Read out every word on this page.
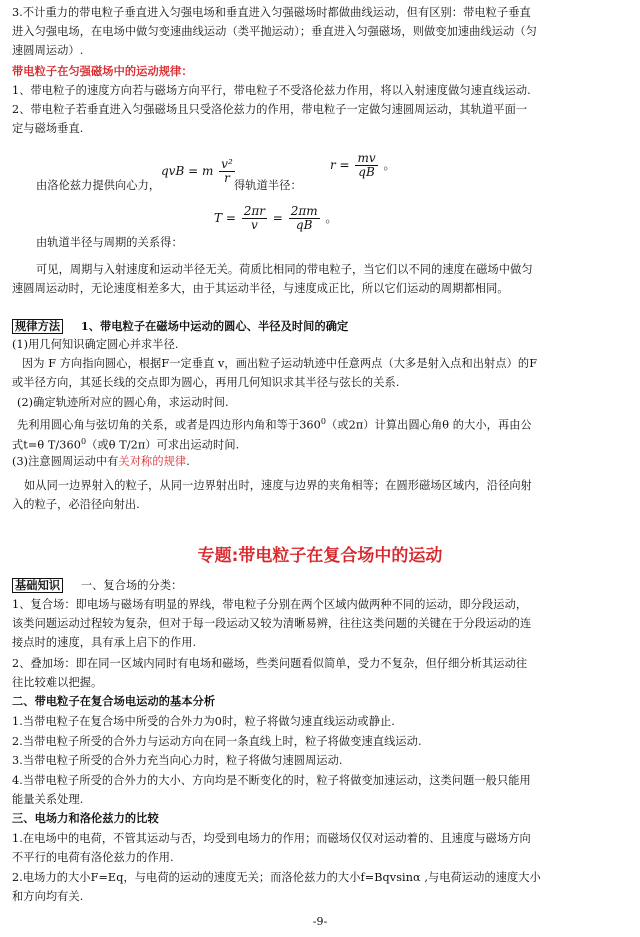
3.不计重力的带电粒子垂直进入匀强电场和垂直进入匀强磁场时都做曲线运动，但有区别：带电粒子垂直
进入匀强电场，在电场中做匀变速曲线运动（类平抛运动）；垂直进入匀强磁场，则做变加速曲线运动（匀
速圆周运动）.
带电粒子在匀强磁场中的运动规律：
1、带电粒子的速度方向若与磁场方向平行，带电粒子不受洛伦兹力作用，将以入射速度做匀速直线运动.
2、带电粒子若垂直进入匀强磁场且只受洛伦兹力的作用，带电粒子一定做匀速圆周运动，其轨道平面一
定与磁场垂直.
由洛伦兹力提供向心力，
qvB = m $\frac{\text{v²}}{r}$
得轨道半径：
$r = \frac{mv}{qB}$ 。
$T = \frac{2\pi r}{v} = \frac{2\pi m}{qB}$ 。
由轨道半径与周期的关系得：
可见，周期与入射速度和运动半径无关。荷质比相同的带电粒子，当它们以不同的速度在磁场中做匀
速圆周运动时，无论速度相差多大，由于其运动半径，与速度成正比，所以它们运动的周期都相同。
规律方法 1、带电粒子在磁场中运动的圆心、半径及时间的确定
(1)用几何知识确定圆心并求半径.
因为 F 方向指向圆心，根据F一定垂直 v，画出粒子运动轨迹中任意两点（大多是射入点和出射点）的F
或半径方向，其延长线的交点即为圆心，再用几何知识求其半径与弦长的关系.
(2)确定轨迹所对应的圆心角，求运动时间.
先利用圆心角与弦切角的关系，或者是四边形内角和等于$360^0$（或2π）计算出圆心角θ 的大小，再由公
式t=θ $T/360^0$（或θ T/2π）可求出运动时间.
(3)注意圆周运动中有关对称的规律.
如从同一边界射入的粒子，从同一边界射出时，速度与边界的夹角相等；在圆形磁场区域内，沿径向射
入的粒子，必沿径向射出.
专题:带电粒子在复合场中的运动
基础知识 一、复合场的分类：
1、复合场：即电场与磁场有明显的界线，带电粒子分别在两个区域内做两种不同的运动，即分段运动，
该类问题运动过程较为复杂，但对于每一段运动又较为清晰易辨，往往这类问题的关键在于分段运动的连
接点时的速度，具有承上启下的作用.
2、叠加场：即在同一区域内同时有电场和磁场，些类问题看似简单，受力不复杂，但仔细分析其运动往
往比较难以把握。
二、带电粒子在复合场电运动的基本分析
1.当带电粒子在复合场中所受的合外力为0时，粒子将做匀速直线运动或静止.
2.当带电粒子所受的合外力与运动方向在同一条直线上时，粒子将做变速直线运动.
3.当带电粒子所受的合外力充当向心力时，粒子将做匀速圆周运动.
4.当带电粒子所受的合外力的大小、方向均是不断变化的时，粒子将做变加速运动，这类问题一般只能用
能量关系处理.
三、电场力和洛伦兹力的比较
1.在电场中的电荷，不管其运动与否，均受到电场力的作用；而磁场仅仅对运动着的、且速度与磁场方向
不平行的电荷有洛伦兹力的作用.
2.电场力的大小F=Eq，与电荷的运动的速度无关；而洛伦兹力的大小f=Bqvsinα ,与电荷运动的速度大小
和方向均有关.
-9-
